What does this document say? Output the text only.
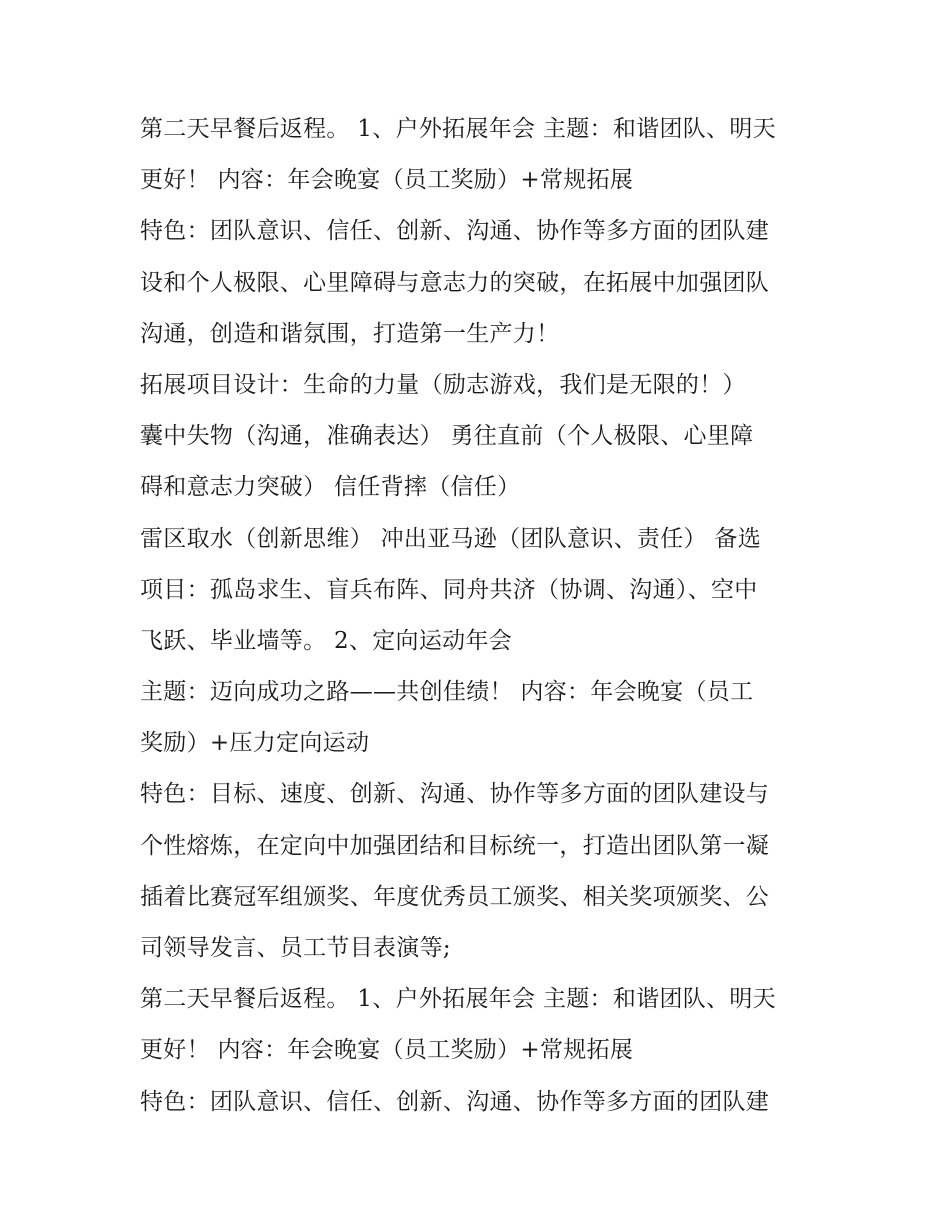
第二天早餐后返程。 1、户外拓展年会 主题：和谐团队、明天
更好！ 内容：年会晚宴（员工奖励）+常规拓展
特色：团队意识、信任、创新、沟通、协作等多方面的团队建
设和个人极限、心里障碍与意志力的突破，在拓展中加强团队
沟通，创造和谐氛围，打造第一生产力！
拓展项目设计：生命的力量（励志游戏，我们是无限的！）
囊中失物（沟通，准确表达） 勇往直前（个人极限、心里障
碍和意志力突破） 信任背摔（信任）
雷区取水（创新思维） 冲出亚马逊（团队意识、责任） 备选
项目：孤岛求生、盲兵布阵、同舟共济（协调、沟通）、空中
飞跃、毕业墙等。 2、定向运动年会
主题：迈向成功之路——共创佳绩！ 内容：年会晚宴（员工
奖励）+压力定向运动
特色：目标、速度、创新、沟通、协作等多方面的团队建设与
个性熔炼，在定向中加强团结和目标统一，打造出团队第一凝
插着比赛冠军组颁奖、年度优秀员工颁奖、相关奖项颁奖、公
司领导发言、员工节目表演等;
第二天早餐后返程。 1、户外拓展年会 主题：和谐团队、明天
更好！ 内容：年会晚宴（员工奖励）+常规拓展
特色：团队意识、信任、创新、沟通、协作等多方面的团队建
